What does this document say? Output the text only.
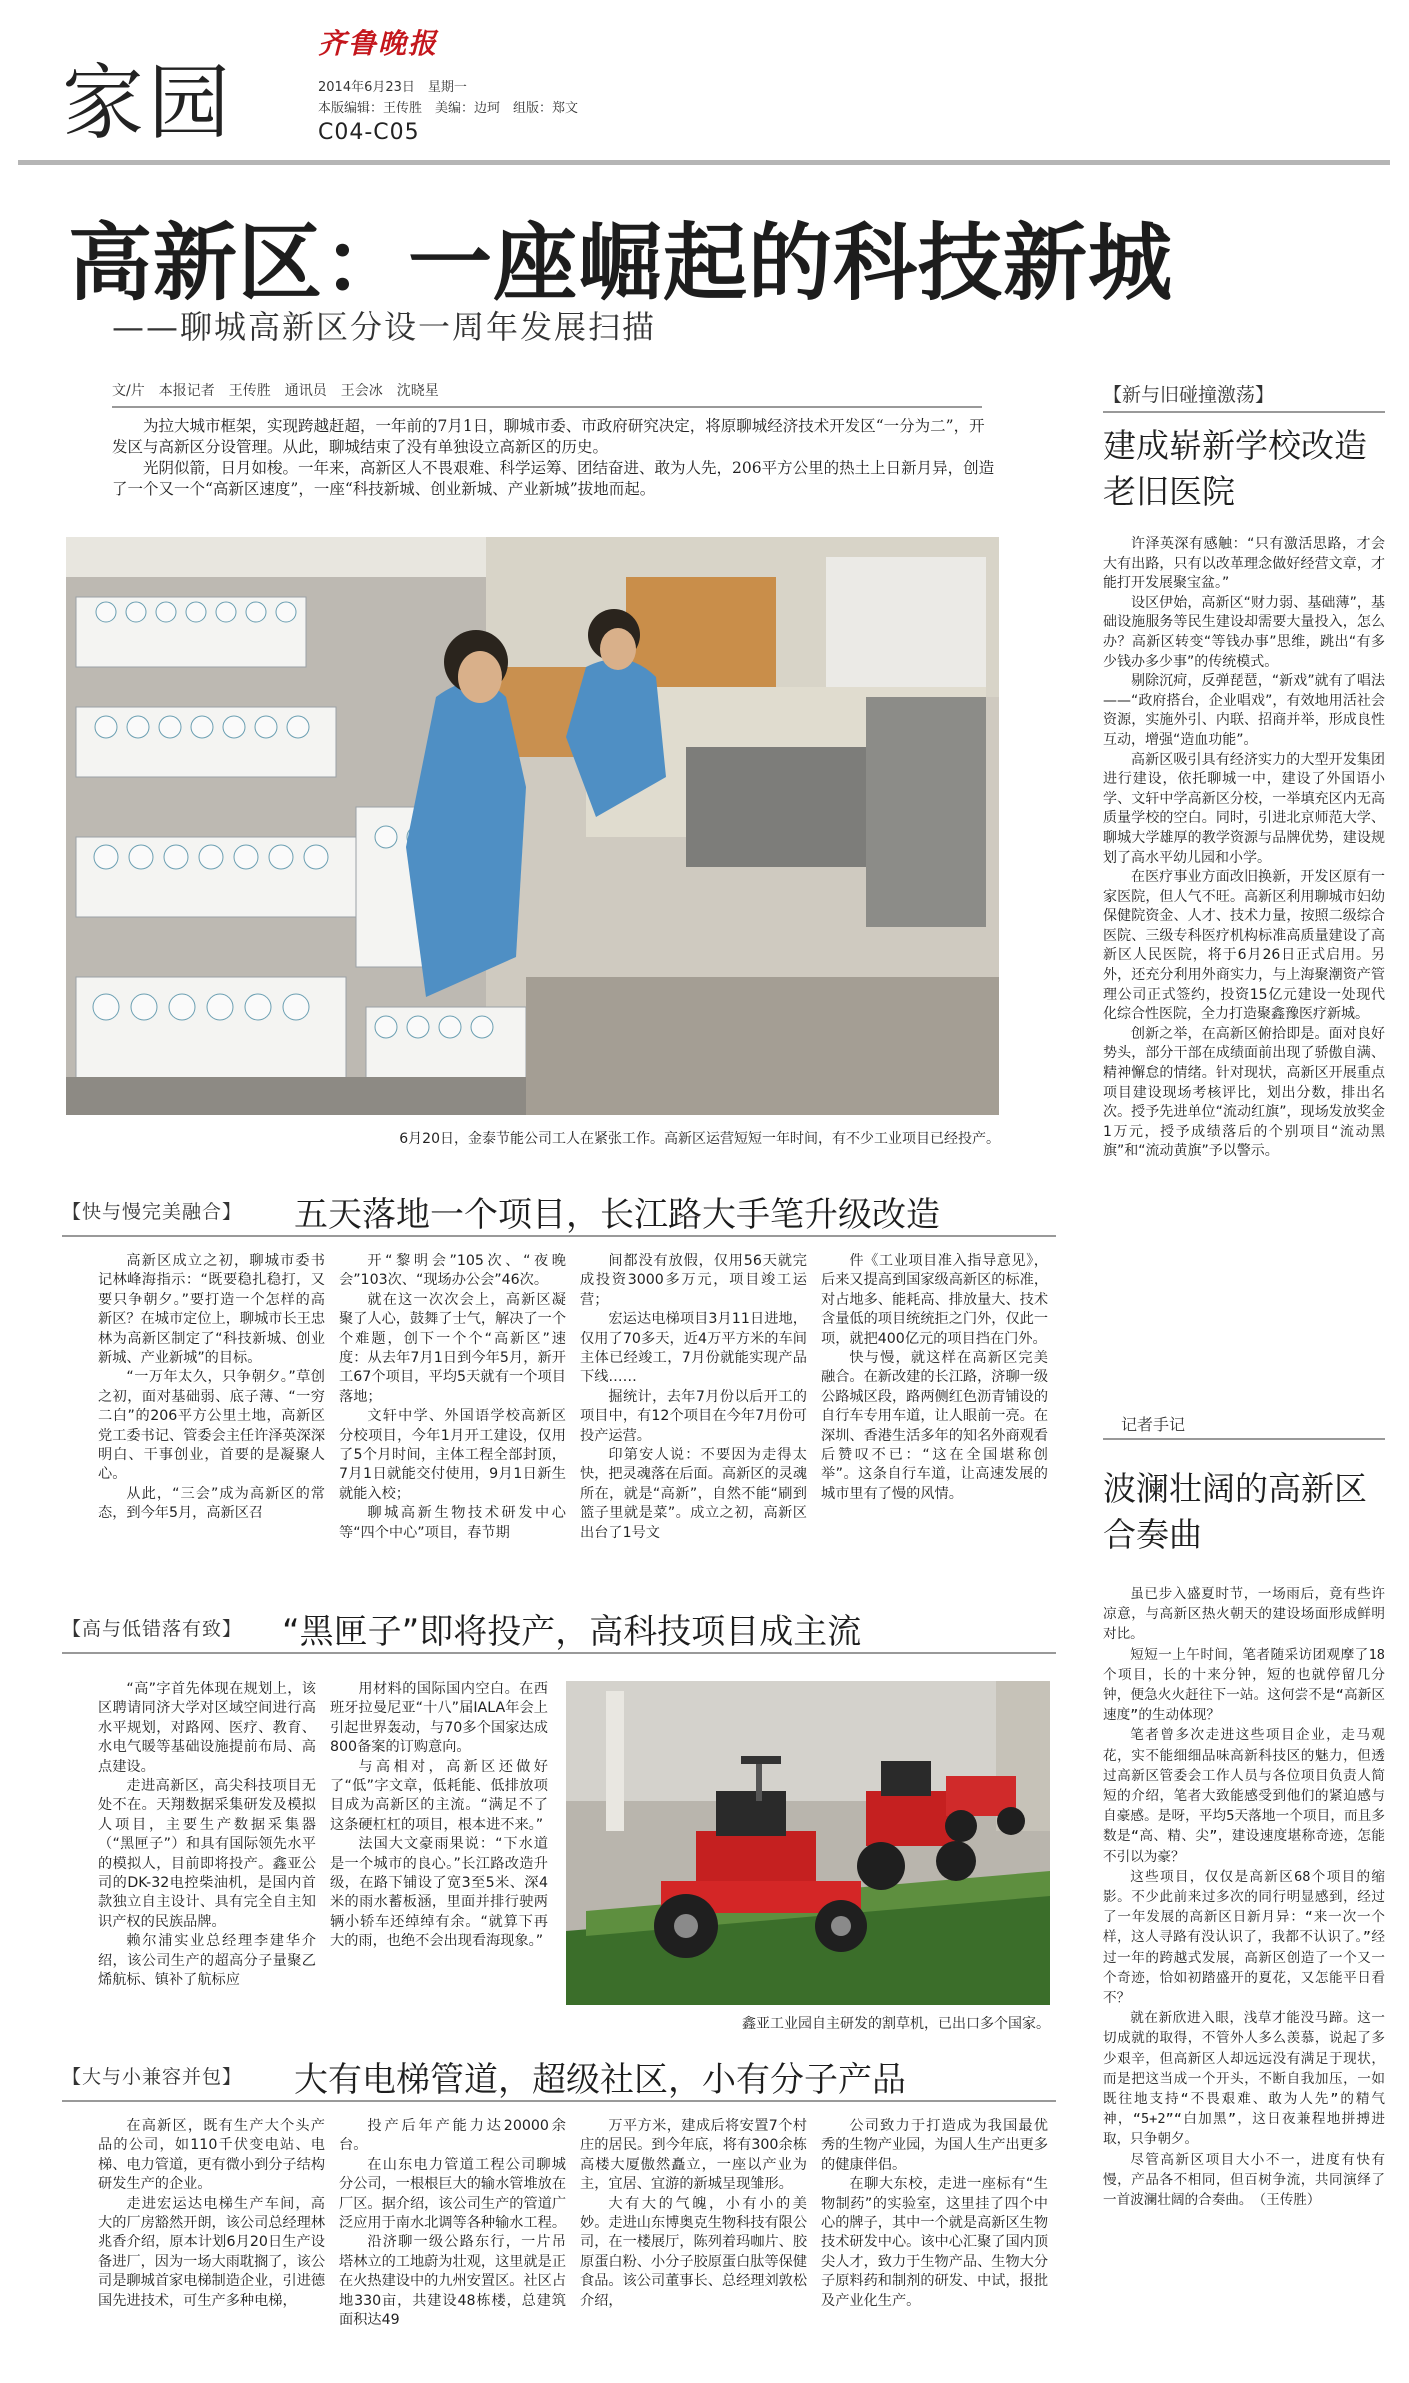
家园
齐鲁晚报
2014年6月23日　星期一
本版编辑：王传胜　美编：边珂　组版：郑文
C04-C05
高新区：一座崛起的科技新城
——聊城高新区分设一周年发展扫描
文/片　本报记者　王传胜　通讯员　王会冰　沈晓星

为拉大城市框架，实现跨越赶超，一年前的7月1日，聊城市委、市政府研究决定，将原聊城经济技术开发区“一分为二”，开发区与高新区分设管理。从此，聊城结束了没有单独设立高新区的历史。

光阴似箭，日月如梭。一年来，高新区人不畏艰难、科学运筹、团结奋进、敢为人先，206平方公里的热土上日新月异，创造了一个又一个“高新区速度”，一座“科技新城、创业新城、产业新城”拔地而起。

6月20日，金泰节能公司工人在紧张工作。高新区运营短短一年时间，有不少工业项目已经投产。
【新与旧碰撞激荡】
建成崭新学校改造老旧医院

许泽英深有感触：“只有激活思路，才会大有出路，只有以改革理念做好经营文章，才能打开发展聚宝盆。”

设区伊始，高新区“财力弱、基础薄”，基础设施服务等民生建设却需要大量投入，怎么办？高新区转变“等钱办事”思维，跳出“有多少钱办多少事”的传统模式。

剔除沉疴，反弹琵琶，“新戏”就有了唱法——“政府搭台，企业唱戏”，有效地用活社会资源，实施外引、内联、招商并举，形成良性互动，增强“造血功能”。

高新区吸引具有经济实力的大型开发集团进行建设，依托聊城一中，建设了外国语小学、文轩中学高新区分校，一举填充区内无高质量学校的空白。同时，引进北京师范大学、聊城大学雄厚的教学资源与品牌优势，建设规划了高水平幼儿园和小学。

在医疗事业方面改旧换新，开发区原有一家医院，但人气不旺。高新区利用聊城市妇幼保健院资金、人才、技术力量，按照二级综合医院、三级专科医疗机构标准高质量建设了高新区人民医院，将于6月26日正式启用。另外，还充分利用外商实力，与上海聚潮资产管理公司正式签约，投资15亿元建设一处现代化综合性医院，全力打造聚鑫豫医疗新城。

创新之举，在高新区俯拾即是。面对良好势头，部分干部在成绩面前出现了骄傲自满、精神懈怠的情绪。针对现状，高新区开展重点项目建设现场考核评比，划出分数，排出名次。授予先进单位“流动红旗”，现场发放奖金1万元，授予成绩落后的个别项目“流动黑旗”和“流动黄旗”予以警示。

记者手记
波澜壮阔的高新区合奏曲

虽已步入盛夏时节，一场雨后，竟有些许凉意，与高新区热火朝天的建设场面形成鲜明对比。

短短一上午时间，笔者随采访团观摩了18个项目，长的十来分钟，短的也就停留几分钟，便急火火赶往下一站。这何尝不是“高新区速度”的生动体现？

笔者曾多次走进这些项目企业，走马观花，实不能细细品味高新科技区的魅力，但透过高新区管委会工作人员与各位项目负责人简短的介绍，笔者大致能感受到他们的紧迫感与自豪感。是呀，平均5天落地一个项目，而且多数是“高、精、尖”，建设速度堪称奇迹，怎能不引以为豪？

这些项目，仅仅是高新区68个项目的缩影。不少此前来过多次的同行明显感到，经过了一年发展的高新区日新月异：“来一次一个样，这人寻路有没认识了，我都不认识了。”经过一年的跨越式发展，高新区创造了一个又一个奇迹，恰如初踏盛开的夏花，又怎能平日看不？

就在新欣进入眼，浅草才能没马蹄。这一切成就的取得，不管外人多么羡慕，说起了多少艰辛，但高新区人却远远没有满足于现状，而是把这当成一个开头，不断自我加压，一如既往地支持“不畏艰难、敢为人先”的精气神，“5+2”“白加黑”，这日夜兼程地拼搏进取，只争朝夕。

尽管高新区项目大小不一，进度有快有慢，产品各不相同，但百树争流，共同演绎了一首波澜壮阔的合奏曲。　（王传胜）

【快与慢完美融合】 五天落地一个项目，长江路大手笔升级改造

高新区成立之初，聊城市委书记林峰海指示：“既要稳扎稳打，又要只争朝夕。”要打造一个怎样的高新区？在城市定位上，聊城市长王忠林为高新区制定了“科技新城、创业新城、产业新城”的目标。

“一万年太久，只争朝夕。”草创之初，面对基础弱、底子薄、“一穷二白”的206平方公里土地，高新区党工委书记、管委会主任许泽英深深明白、干事创业，首要的是凝聚人心。

从此，“三会”成为高新区的常态，到今年5月，高新区召

开“黎明会”105次、“夜晚会”103次、“现场办公会”46次。

就在这一次次会上，高新区凝聚了人心，鼓舞了士气，解决了一个个难题，创下一个个“高新区”速度：从去年7月1日到今年5月，新开工67个项目，平均5天就有一个项目落地；

文轩中学、外国语学校高新区分校项目，今年1月开工建设，仅用了5个月时间，主体工程全部封顶，7月1日就能交付使用，9月1日新生就能入校；

聊城高新生物技术研发中心等“四个中心”项目，春节期

间都没有放假，仅用56天就完成投资3000多万元，项目竣工运营；

宏运达电梯项目3月11日进地，仅用了70多天，近4万平方米的车间主体已经竣工，7月份就能实现产品下线……

掘统计，去年7月份以后开工的项目中，有12个项目在今年7月份可投产运营。

印第安人说：不要因为走得太快，把灵魂落在后面。高新区的灵魂所在，就是“高新”，自然不能“刷到篮子里就是菜”。成立之初，高新区出台了1号文

件《工业项目准入指导意见》，后来又提高到国家级高新区的标准，对占地多、能耗高、排放量大、技术含量低的项目统统拒之门外，仅此一项，就把400亿元的项目挡在门外。

快与慢，就这样在高新区完美融合。在新改建的长江路，济聊一级公路城区段，路两侧红色沥青铺设的自行车专用车道，让人眼前一亮。在深圳、香港生活多年的知名外商观看后赞叹不已：“这在全国堪称创举”。这条自行车道，让高速发展的城市里有了慢的风情。

【高与低错落有致】 “黑匣子”即将投产，高科技项目成主流

“高”字首先体现在规划上，该区聘请同济大学对区域空间进行高水平规划，对路网、医疗、教育、水电气暖等基础设施提前布局、高点建设。

走进高新区，高尖科技项目无处不在。天翔数据采集研发及模拟人项目，主要生产数据采集器（“黑匣子”）和具有国际领先水平的模拟人，目前即将投产。鑫亚公司的DK-32电控柴油机，是国内首款独立自主设计、具有完全自主知识产权的民族品牌。

赖尔浦实业总经理李建华介绍，该公司生产的超高分子量聚乙烯航标、镇补了航标应

用材料的国际国内空白。在西班牙拉曼尼亚“十八”届IALA年会上引起世界轰动，与70多个国家达成800备案的订购意向。

与高相对，高新区还做好了“低”字文章，低耗能、低排放项目成为高新区的主流。“满足不了这条硬杠杠的项目，根本进不来。”

法国大文豪雨果说：“下水道是一个城市的良心。”长江路改造升级，在路下铺设了宽3至5米、深4米的雨水蓄板涵，里面并排行驶两辆小轿车还绰绰有余。“就算下再大的雨，也绝不会出现看海现象。”

鑫亚工业园自主研发的割草机，已出口多个国家。
【大与小兼容并包】 大有电梯管道，超级社区，小有分子产品

在高新区，既有生产大个头产品的公司，如110千伏变电站、电梯、电力管道，更有微小到分子结构研发生产的企业。

走进宏运达电梯生产车间，高大的厂房豁然开朗，该公司总经理林兆香介绍，原本计划6月20日生产设备进厂，因为一场大雨耽搁了，该公司是聊城首家电梯制造企业，引进德国先进技术，可生产多种电梯，

投产后年产能力达20000余台。

在山东电力管道工程公司聊城分公司，一根根巨大的输水管堆放在厂区。据介绍，该公司生产的管道广泛应用于南水北调等各种输水工程。

沿济聊一级公路东行，一片吊塔林立的工地蔚为壮观，这里就是正在火热建设中的九州安置区。社区占地330亩，共建设48栋楼，总建筑面积达49

万平方米，建成后将安置7个村庄的居民。到今年底，将有300余栋高楼大厦傲然矗立，一座以产业为主，宜居、宜游的新城呈现雏形。

大有大的气魄，小有小的美妙。走进山东博奥克生物科技有限公司，在一楼展厅，陈列着玛咖片、胶原蛋白粉、小分子胶原蛋白肽等保健食品。该公司董事长、总经理刘敦松介绍，

公司致力于打造成为我国最优秀的生物产业园，为国人生产出更多的健康伴侣。

在聊大东校，走进一座标有“生物制药”的实验室，这里挂了四个中心的牌子，其中一个就是高新区生物技术研发中心。该中心汇聚了国内顶尖人才，致力于生物产品、生物大分子原料药和制剂的研发、中试，报批及产业化生产。
